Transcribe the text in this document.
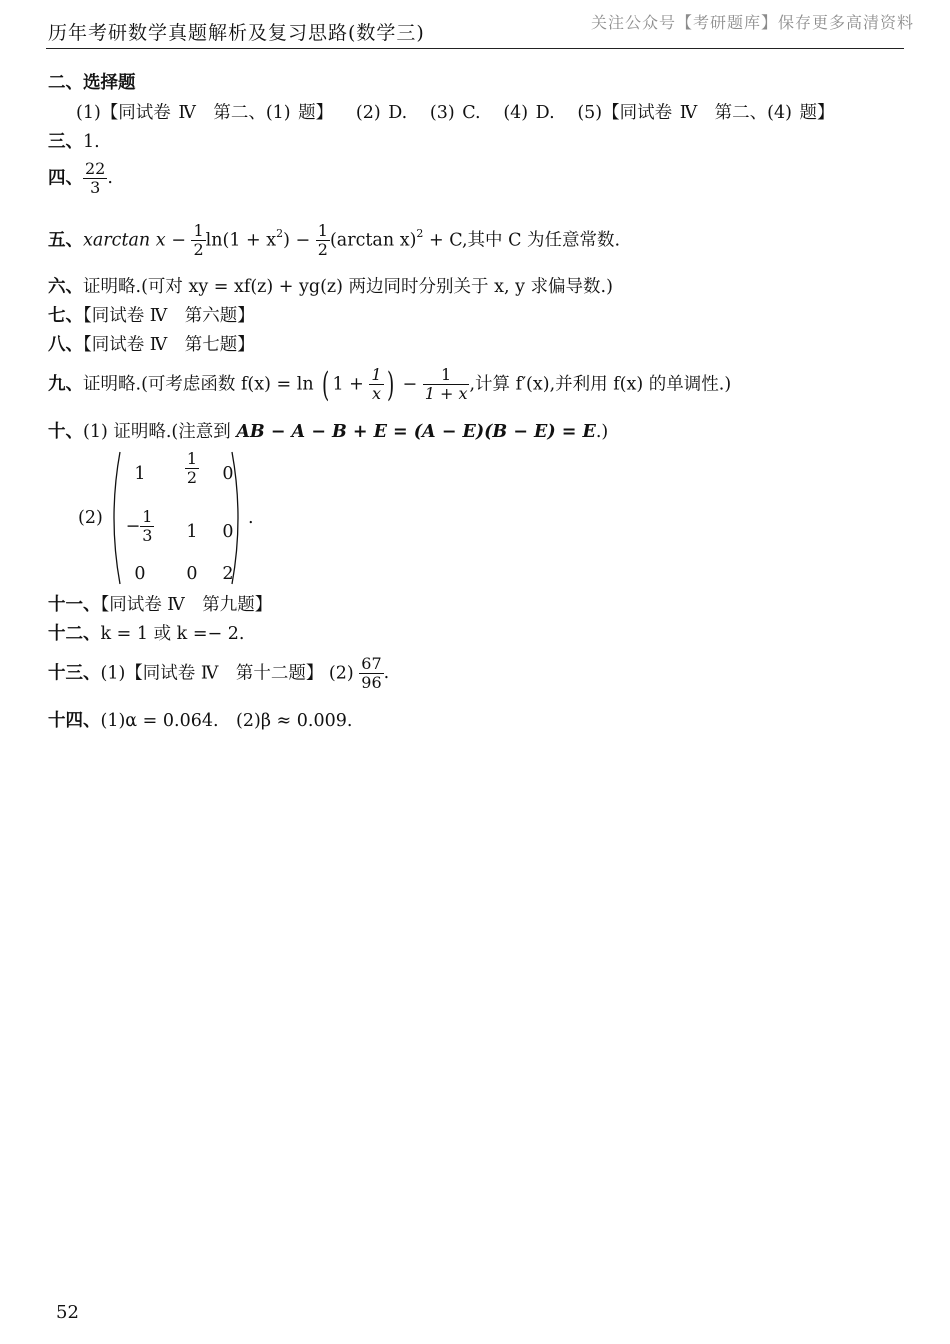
历年考研数学真题解析及复习思路(数学三)	关注公众号【考研题库】保存更多高清资料
二、选择题
(1)【同试卷 Ⅳ　第二、(1) 题】 (2) D. (3) C. (4) D. (5)【同试卷 Ⅳ　第二、(4) 题】
三、1.
四、 $\frac{22}{3}$ .
五、xarctan $x - \frac{1}{2} \ln(1 + x^2) - \frac{1}{2} (\arctan$ x)$^2$ + C,其中 C 为任意常数.
六、证明略.(可对 xy = xf(z) + yg(z) 两边同时分别关于 x, y 求偏导数.)
七、【同试卷 Ⅳ　第六题】
八、【同试卷 Ⅳ　第七题】
九、证明略.(可考虑函数 f(x) = ln ( $1 + \frac{1}{x}$ ) − $\frac{1}{1 + x}$ ,计算 f′(x),并利用 f(x) 的单调性.)
十、(1) 证明略.(注意到 AB − A − B + E = (A − E)(B − E) = E.)
(2)
1	$\frac{1}{2}$	0
− $\frac{1}{3}$	1	0
0	0	2
.
十一、【同试卷 Ⅳ　第九题】
十二、k = 1 或 k =− 2.
十三、(1)【同试卷 Ⅳ　第十二题】 $(2) \frac{67}{96}$ .
十四、(1)α = 0.064.　(2)β ≈ 0.009.
52
